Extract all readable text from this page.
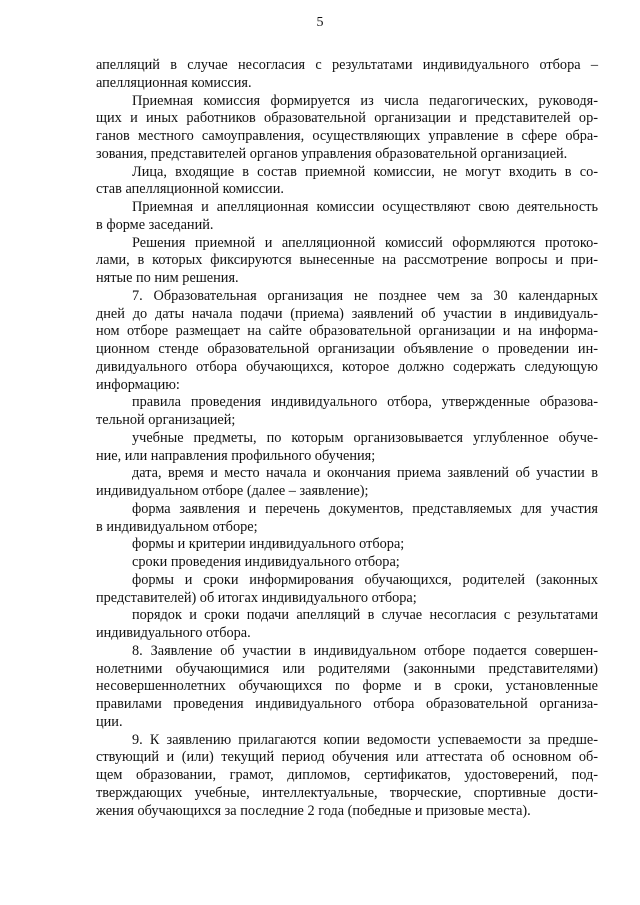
5
апелляций в случае несогласия с результатами индивидуального отбора –
апелляционная комиссия.
Приемная комиссия формируется из числа педагогических, руководя-
щих и иных работников образовательной организации и представителей ор-
ганов местного самоуправления, осуществляющих управление в сфере обра-
зования, представителей органов управления образовательной организацией.
Лица, входящие в состав приемной комиссии, не могут входить в со-
став апелляционной комиссии.
Приемная и апелляционная комиссии осуществляют свою деятельность
в форме заседаний.
Решения приемной и апелляционной комиссий оформляются протоко-
лами, в которых фиксируются вынесенные на рассмотрение вопросы и при-
нятые по ним решения.
7. Образовательная организация не позднее чем за 30 календарных
дней до даты начала подачи (приема) заявлений об участии в индивидуаль-
ном отборе размещает на сайте образовательной организации и на информа-
ционном стенде образовательной организации объявление о проведении ин-
дивидуального отбора обучающихся, которое должно содержать следующую
информацию:
правила проведения индивидуального отбора, утвержденные образова-
тельной организацией;
учебные предметы, по которым организовывается углубленное обуче-
ние, или направления профильного обучения;
дата, время и место начала и окончания приема заявлений об участии в
индивидуальном отборе (далее – заявление);
форма заявления и перечень документов, представляемых для участия
в индивидуальном отборе;
формы и критерии индивидуального отбора;
сроки проведения индивидуального отбора;
формы и сроки информирования обучающихся, родителей (законных
представителей) об итогах индивидуального отбора;
порядок и сроки подачи апелляций в случае несогласия с результатами
индивидуального отбора.
8. Заявление об участии в индивидуальном отборе подается совершен-
нолетними обучающимися или родителями (законными представителями)
несовершеннолетних обучающихся по форме и в сроки, установленные
правилами проведения индивидуального отбора образовательной организа-
ции.
9. К заявлению прилагаются копии ведомости успеваемости за предше-
ствующий и (или) текущий период обучения или аттестата об основном об-
щем образовании, грамот, дипломов, сертификатов, удостоверений, под-
тверждающих учебные, интеллектуальные, творческие, спортивные дости-
жения обучающихся за последние 2 года (победные и призовые места).
